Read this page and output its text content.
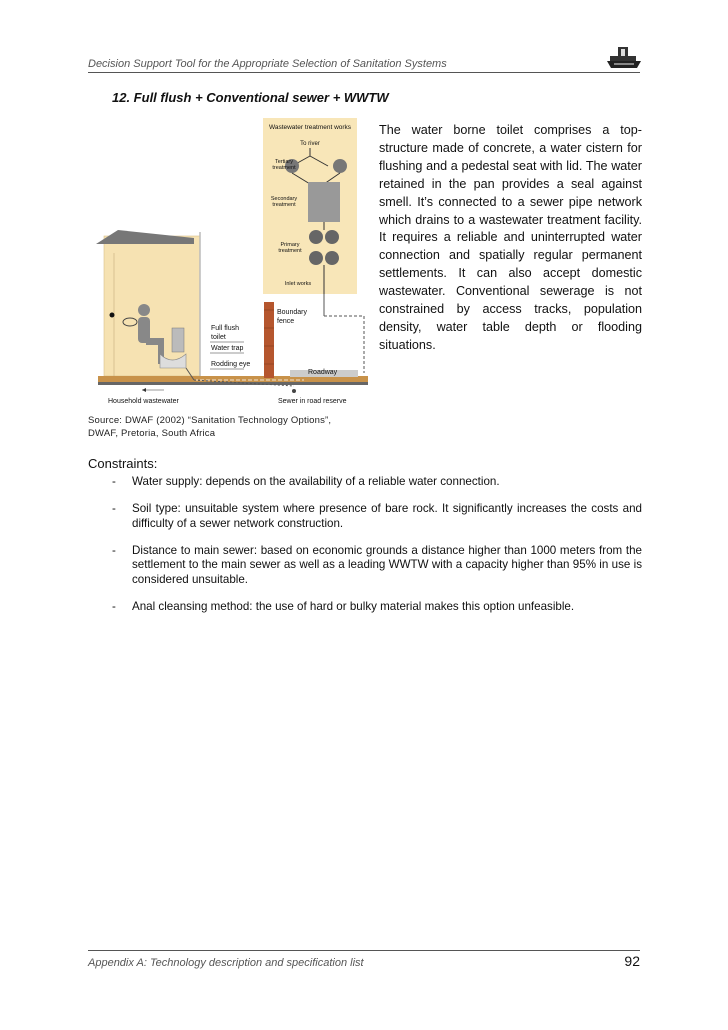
Decision Support Tool for the Appropriate Selection of Sanitation Systems
12. Full flush + Conventional sewer + WWTW
Wastewater treatment works
To river
Tertiary
treatment
Secondary
treatment
Primary
treatment
Inlet works
Boundary
fence
Full flush
toilet
Water trap
Rodding eye
Roadway
Household wastewater	Sewer in road reserve
Source: DWAF (2002) “Sanitation Technology Options”,
DWAF, Pretoria, South Africa
The water borne toilet comprises a top-structure made of concrete, a water cistern for flushing and a pedestal seat with lid. The water retained in the pan provides a seal against smell. It’s connected to a sewer pipe network which drains to a wastewater treatment facility. It requires a reliable and uninterrupted water connection and spatially regular permanent settlements. It can also accept domestic wastewater. Conventional sewerage is not constrained by access tracks, population density, water table depth or flooding situations.
Constraints:
- Water supply: depends on the availability of a reliable water connection.
- Soil type: unsuitable system where presence of bare rock. It significantly increases the costs and difficulty of a sewer network construction.
- Distance to main sewer: based on economic grounds a distance higher than 1000 meters from the settlement to the main sewer as well as a leading WWTW with a capacity higher than 95% in use is considered unsuitable.
- Anal cleansing method: the use of hard or bulky material makes this option unfeasible.
Appendix A: Technology description and specification list	92
